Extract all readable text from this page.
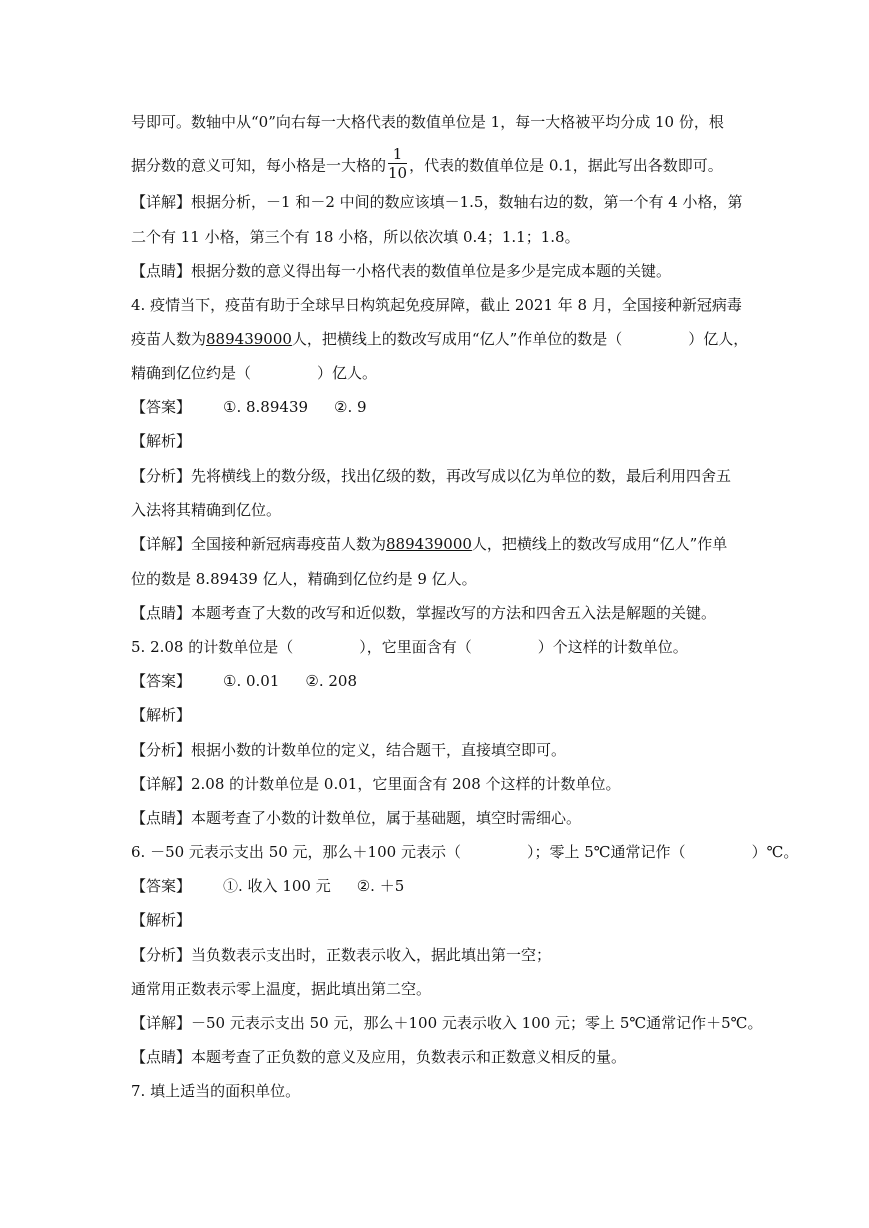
号即可。数轴中从“0”向右每一大格代表的数值单位是 1，每一大格被平均分成 10 份，根
据分数的意义可知，每小格是一大格的 $\frac{1}{10}$ ，代表的数值单位是 0.1，据此写出各数即可。
【详解】根据分析，－1 和－2 中间的数应该填－1.5，数轴右边的数，第一个有 4 小格，第
二个有 11 小格，第三个有 18 小格，所以依次填 0.4；1.1；1.8。
【点睛】根据分数的意义得出每一小格代表的数值单位是多少是完成本题的关键。
4. 疫情当下，疫苗有助于全球早日构筑起免疫屏障，截止 2021 年 8 月，全国接种新冠病毒
疫苗人数为889439000人，把横线上的数改写成用“亿人”作单位的数是（	）亿人，
精确到亿位约是（	）亿人。
【答案】 ①. 8.89439 ②. 9
【解析】
【分析】先将横线上的数分级，找出亿级的数，再改写成以亿为单位的数，最后利用四舍五
入法将其精确到亿位。
【详解】全国接种新冠病毒疫苗人数为889439000人，把横线上的数改写成用“亿人”作单
位的数是 8.89439 亿人，精确到亿位约是 9 亿人。
【点睛】本题考查了大数的改写和近似数，掌握改写的方法和四舍五入法是解题的关键。
5. 2.08 的计数单位是（	），它里面含有（	）个这样的计数单位。
【答案】 ①. 0.01 ②. 208
【解析】
【分析】根据小数的计数单位的定义，结合题干，直接填空即可。
【详解】2.08 的计数单位是 0.01，它里面含有 208 个这样的计数单位。
【点睛】本题考查了小数的计数单位，属于基础题，填空时需细心。
6. －50 元表示支出 50 元，那么＋100 元表示（	）；零上 5℃通常记作（	）℃。
【答案】 ①. 收入 100 元 ②. ＋5
【解析】
【分析】当负数表示支出时，正数表示收入，据此填出第一空；
通常用正数表示零上温度，据此填出第二空。
【详解】－50 元表示支出 50 元，那么＋100 元表示收入 100 元；零上 5℃通常记作＋5℃。
【点睛】本题考查了正负数的意义及应用，负数表示和正数意义相反的量。
7. 填上适当的面积单位。
